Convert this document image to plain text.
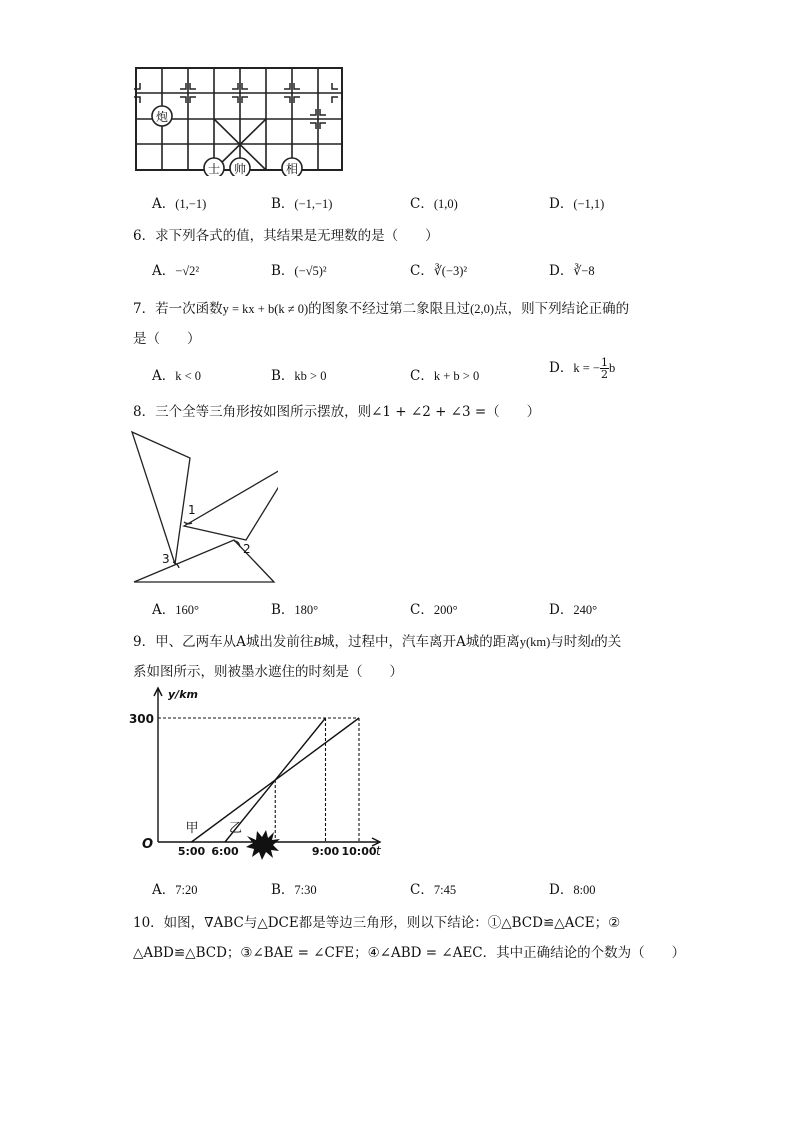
炮
士 帅	相
A．(1,−1)	B．(−1,−1)	C．(1,0)	D．(−1,1)
6．求下列各式的值，其结果是无理数的是（　　）
A．−√2²	B．(−√5)²	C．∛(−3)²	D．∛−8
7．若一次函数y = kx + b(k ≠ 0)的图象不经过第二象限且过(2,0)点，则下列结论正确的
是（　　）
A．k < 0	B．kb > 0	C．k + b > 0	D．k = − $\frac{1}{2}$ b
8．三个全等三角形按如图所示摆放，则∠1 + ∠2 + ∠3 =（　　）
1
2
3
A．160°	B．180°	C．200°	D．240°
9．甲、乙两车从A城出发前往B城，过程中，汽车离开A城的距离y(km)与时刻t的关
系如图所示，则被墨水遮住的时刻是（　　）
y/km
t
O
甲 乙
300
5:00 6:00	9:00 10:00
A．7:20	B．7:30	C．7:45	D．8:00
10．如图，∇ABC与△DCE都是等边三角形，则以下结论：①△BCD≌△ACE；②
△ABD≌△BCD；③∠BAE = ∠CFE；④∠ABD = ∠AEC．其中正确结论的个数为（　　）
